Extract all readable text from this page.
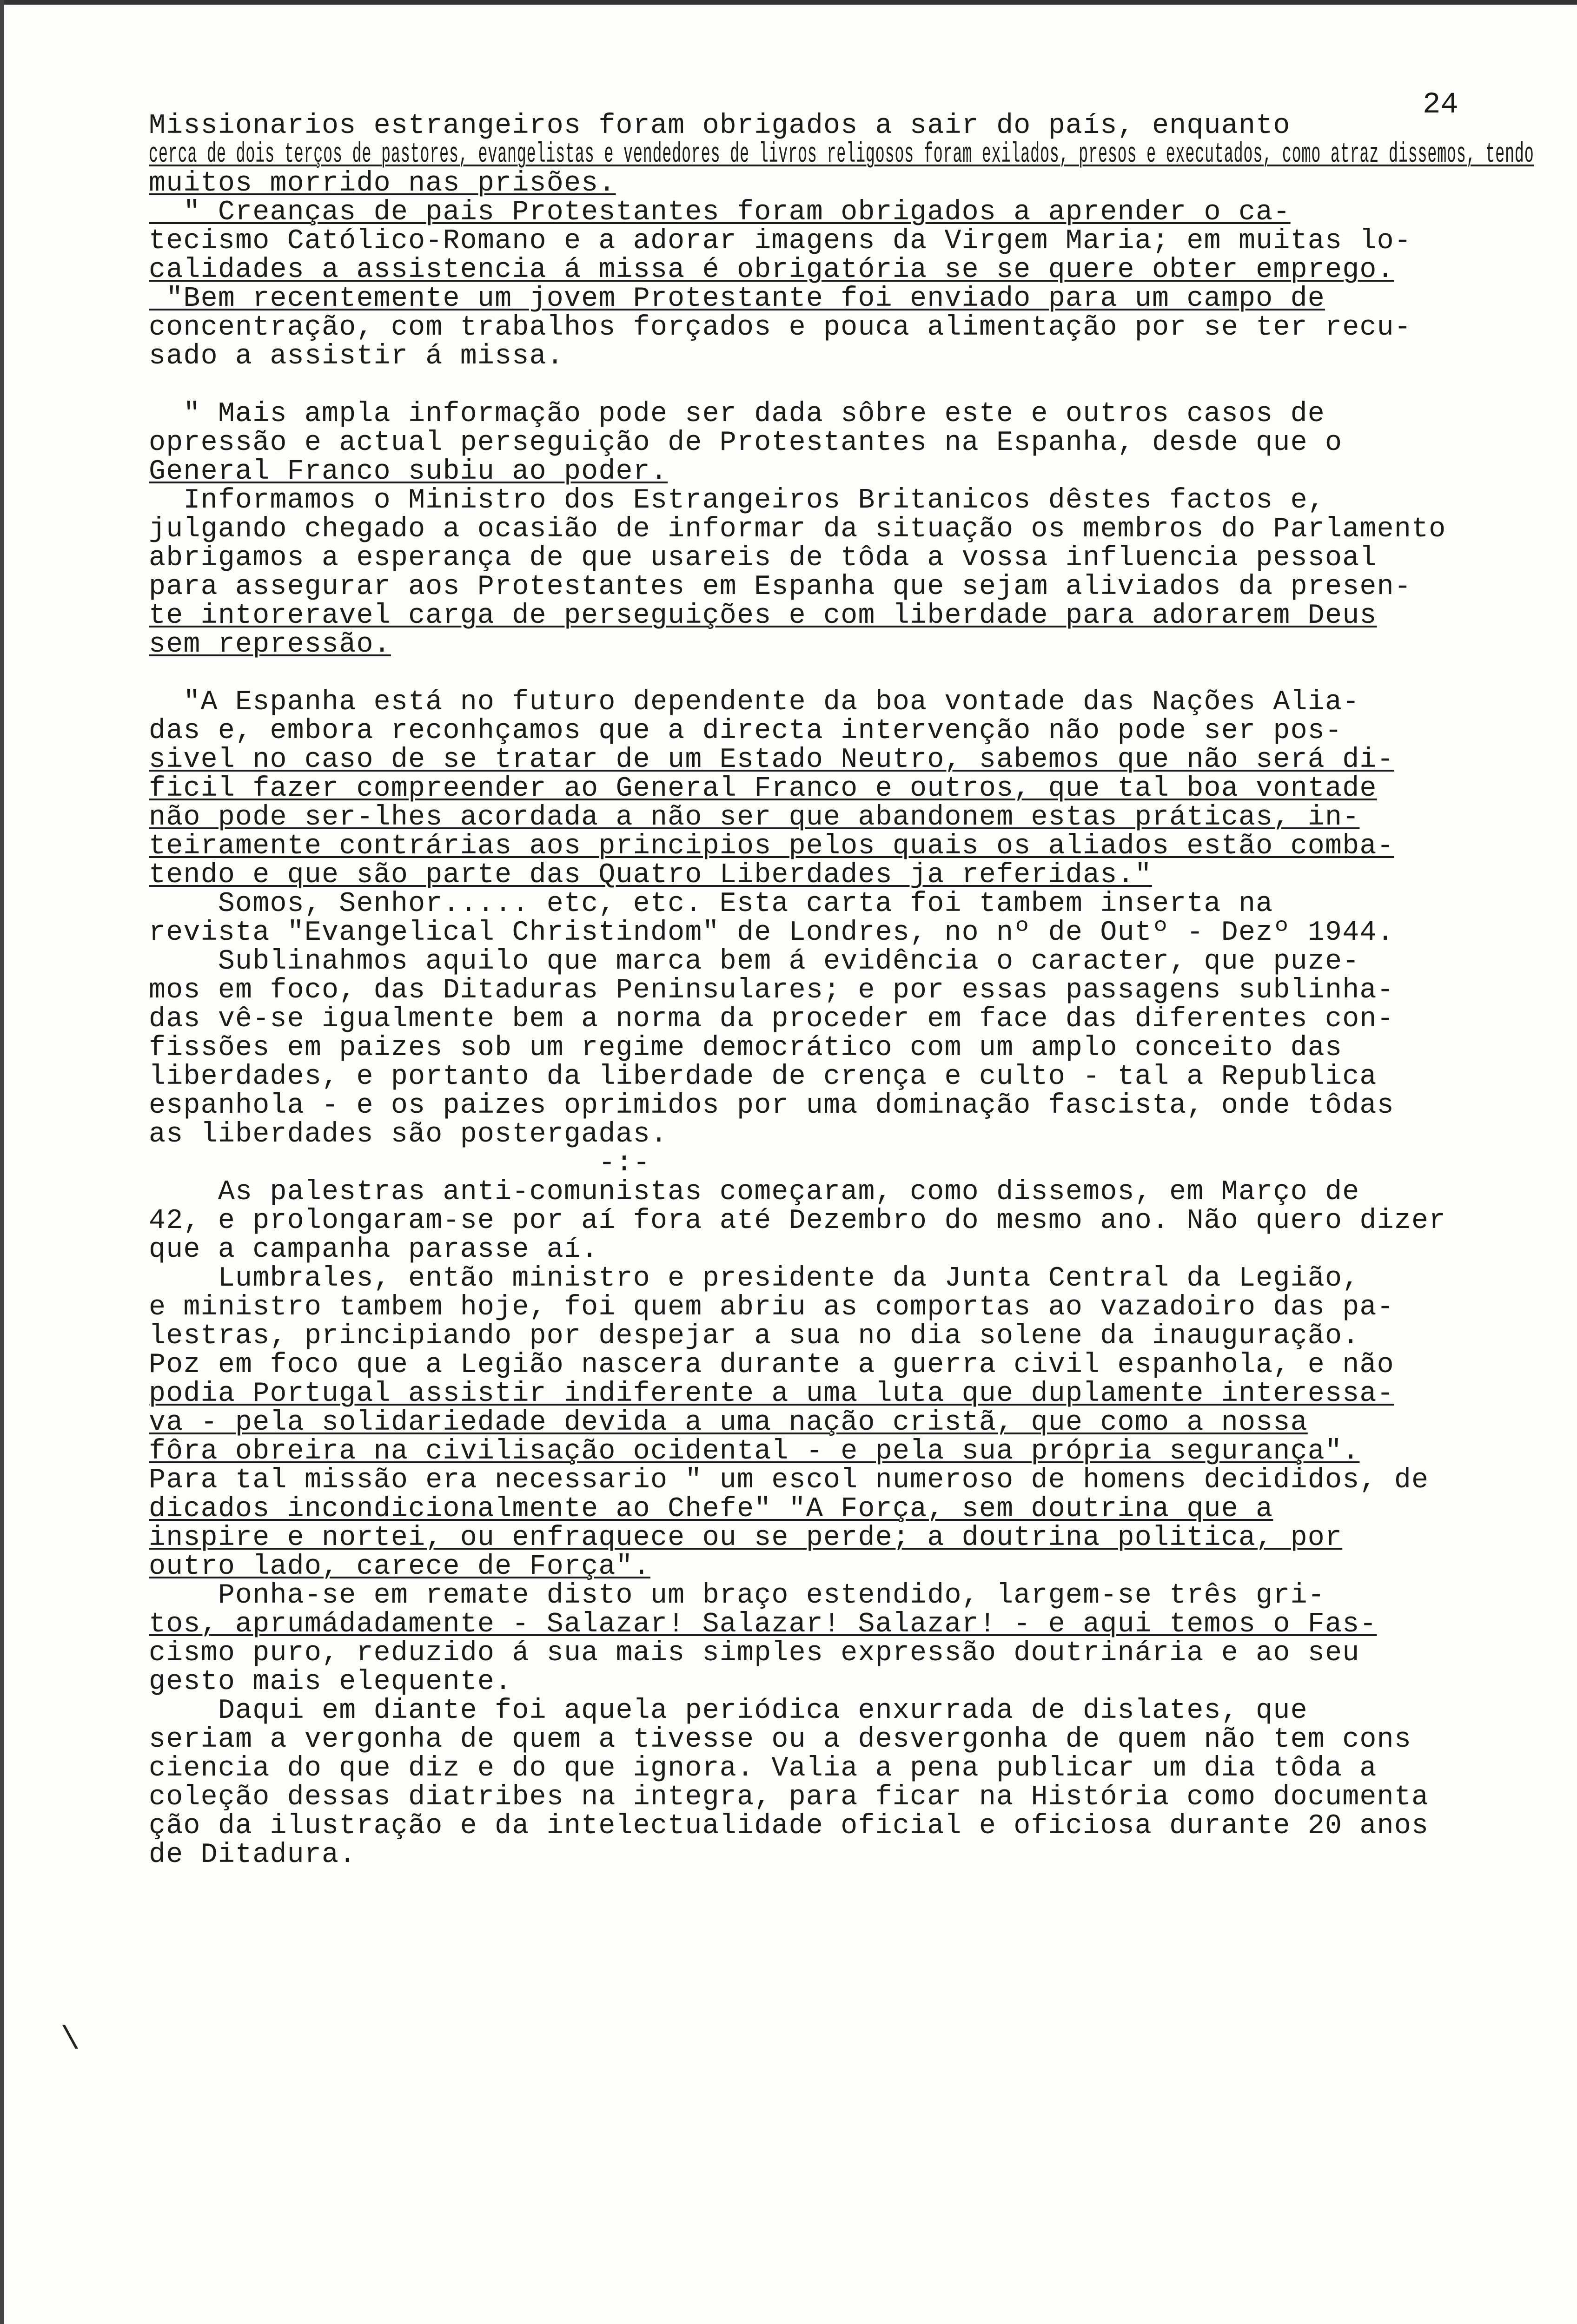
24
\
Missionarios estrangeiros foram obrigados a sair do país, enquanto
cerca de dois terços de pastores, evangelistas e vendedores de livros religosos foram exilados, presos e executados, como atraz dissemos, tendo
muitos morrido nas prisões.
" Creanças de pais Protestantes foram obrigados a aprender o ca-
tecismo Católico-Romano e a adorar imagens da Virgem Maria; em muitas lo-
calidades a assistencia á missa é obrigatória se se quere obter emprego.
"Bem recentemente um jovem Protestante foi enviado para um campo de
concentração, com trabalhos forçados e pouca alimentação por se ter recu-
sado a assistir á missa.
" Mais ampla informação pode ser dada sôbre este e outros casos de
opressão e actual perseguição de Protestantes na Espanha, desde que o
General Franco subiu ao poder.
Informamos o Ministro dos Estrangeiros Britanicos dêstes factos e,
julgando chegado a ocasião de informar da situação os membros do Parlamento
abrigamos a esperança de que usareis de tôda a vossa influencia pessoal
para assegurar aos Protestantes em Espanha que sejam aliviados da presen-
te intoreravel carga de perseguições e com liberdade para adorarem Deus
sem repressão.
"A Espanha está no futuro dependente da boa vontade das Nações Alia-
das e, embora reconhçamos que a directa intervenção não pode ser pos-
sivel no caso de se tratar de um Estado Neutro, sabemos que não será di-
ficil fazer compreender ao General Franco e outros, que tal boa vontade
não pode ser-lhes acordada a não ser que abandonem estas práticas, in-
teiramente contrárias aos principios pelos quais os aliados estão comba-
tendo e que são parte das Quatro Liberdades ja referidas."
Somos, Senhor..... etc, etc. Esta carta foi tambem inserta na
revista "Evangelical Christindom" de Londres, no nº de Outº - Dezº 1944.
Sublinahmos aquilo que marca bem á evidência o caracter, que puze-
mos em foco, das Ditaduras Peninsulares; e por essas passagens sublinha-
das vê-se igualmente bem a norma da proceder em face das diferentes con-
fissões em paizes sob um regime democrático com um amplo conceito das
liberdades, e portanto da liberdade de crença e culto - tal a Republica
espanhola - e os paizes oprimidos por uma dominação fascista, onde tôdas
as liberdades são postergadas.
-:-
As palestras anti-comunistas começaram, como dissemos, em Março de
42, e prolongaram-se por aí fora até Dezembro do mesmo ano. Não quero dizer
que a campanha parasse aí.
Lumbrales, então ministro e presidente da Junta Central da Legião,
e ministro tambem hoje, foi quem abriu as comportas ao vazadoiro das pa-
lestras, principiando por despejar a sua no dia solene da inauguração.
Poz em foco que a Legião nascera durante a guerra civil espanhola, e não
podia Portugal assistir indiferente a uma luta que duplamente interessa-
va - pela solidariedade devida a uma nação cristã, que como a nossa
fôra obreira na civilisação ocidental - e pela sua própria segurança".
Para tal missão era necessario " um escol numeroso de homens decididos, de
dicados incondicionalmente ao Chefe" "A Força, sem doutrina que a
inspire e nortei, ou enfraquece ou se perde; a doutrina politica, por
outro lado, carece de Força".
Ponha-se em remate disto um braço estendido, largem-se três gri-
tos, aprumádadamente - Salazar! Salazar! Salazar! - e aqui temos o Fas-
cismo puro, reduzido á sua mais simples expressão doutrinária e ao seu
gesto mais elequente.
Daqui em diante foi aquela periódica enxurrada de dislates, que
seriam a vergonha de quem a tivesse ou a desvergonha de quem não tem cons
ciencia do que diz e do que ignora. Valia a pena publicar um dia tôda a
coleção dessas diatribes na integra, para ficar na História como documenta
ção da ilustração e da intelectualidade oficial e oficiosa durante 20 anos
de Ditadura.
